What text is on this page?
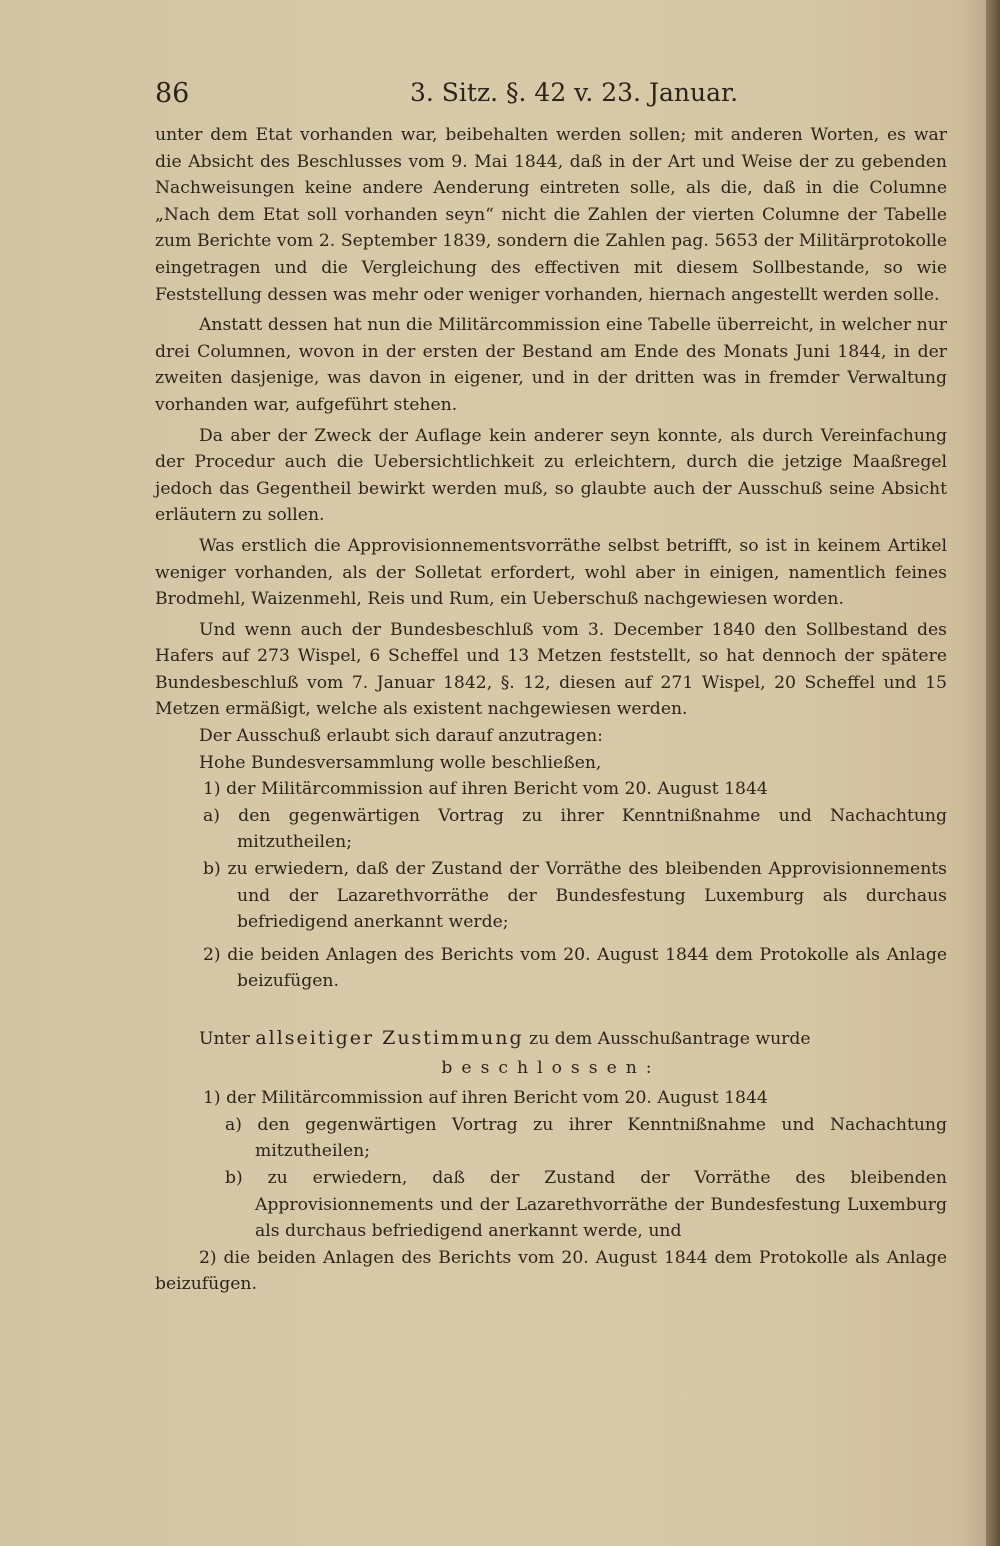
86	3. Sitz. §. 42 v. 23. Januar.

unter dem Etat vorhanden war, beibehalten werden sollen; mit anderen Worten, es war die Absicht des Beschlusses vom 9. Mai 1844, daß in der Art und Weise der zu gebenden Nachweisungen keine andere Aenderung eintreten solle, als die, daß in die Columne „Nach dem Etat soll vorhanden seyn“ nicht die Zahlen der vierten Columne der Tabelle zum Berichte vom 2. September 1839, sondern die Zahlen pag. 5653 der Militärprotokolle eingetragen und die Vergleichung des effectiven mit diesem Sollbestande, so wie Feststellung dessen was mehr oder weniger vorhanden, hiernach angestellt werden solle.

Anstatt dessen hat nun die Militärcommission eine Tabelle überreicht, in welcher nur drei Columnen, wovon in der ersten der Bestand am Ende des Monats Juni 1844, in der zweiten dasjenige, was davon in eigener, und in der dritten was in fremder Verwaltung vorhanden war, aufgeführt stehen.

Da aber der Zweck der Auflage kein anderer seyn konnte, als durch Vereinfachung der Procedur auch die Uebersichtlichkeit zu erleichtern, durch die jetzige Maaßregel jedoch das Gegentheil bewirkt werden muß, so glaubte auch der Ausschuß seine Absicht erläutern zu sollen.

Was erstlich die Approvisionnementsvorräthe selbst betrifft, so ist in keinem Artikel weniger vorhanden, als der Solletat erfordert, wohl aber in einigen, namentlich feines Brodmehl, Waizenmehl, Reis und Rum, ein Ueberschuß nachgewiesen worden.

Und wenn auch der Bundesbeschluß vom 3. December 1840 den Sollbestand des Hafers auf 273 Wispel, 6 Scheffel und 13 Metzen feststellt, so hat dennoch der spätere Bundesbeschluß vom 7. Januar 1842, §. 12, diesen auf 271 Wispel, 20 Scheffel und 15 Metzen ermäßigt, welche als existent nachgewiesen werden.

Der Ausschuß erlaubt sich darauf anzutragen:

Hohe Bundesversammlung wolle beschließen,

1) der Militärcommission auf ihren Bericht vom 20. August 1844

a) den gegenwärtigen Vortrag zu ihrer Kenntnißnahme und Nachachtung mitzutheilen;

b) zu erwiedern, daß der Zustand der Vorräthe des bleibenden Approvisionnements und der Lazarethvorräthe der Bundesfestung Luxemburg als durchaus befriedigend anerkannt werde;

2) die beiden Anlagen des Berichts vom 20. August 1844 dem Protokolle als Anlage beizufügen.

Unter allseitiger Zustimmung zu dem Ausschußantrage wurde

beschlossen:

1) der Militärcommission auf ihren Bericht vom 20. August 1844

a) den gegenwärtigen Vortrag zu ihrer Kenntnißnahme und Nachachtung mitzutheilen;

b) zu erwiedern, daß der Zustand der Vorräthe des bleibenden Approvisionnements und der Lazarethvorräthe der Bundesfestung Luxemburg als durchaus befriedigend anerkannt werde, und

2) die beiden Anlagen des Berichts vom 20. August 1844 dem Protokolle als Anlage beizufügen.
